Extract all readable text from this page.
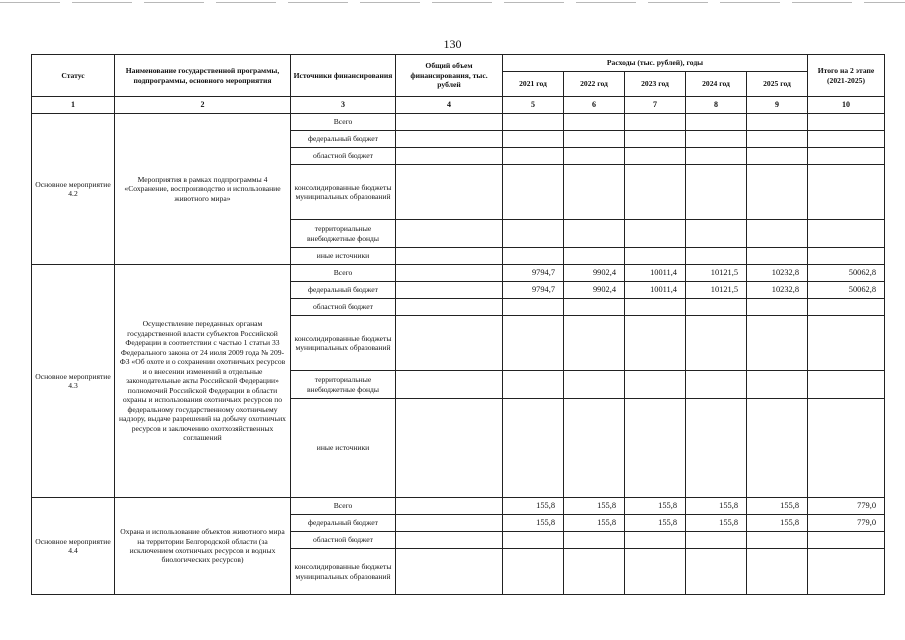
130
Статус	Наименование государственной программы, подпрограммы, основного мероприятия	Источники финансирования	Общий объем финансирования, тыс. рублей	Расходы (тыс. рублей), годы					Итого на 2 этапе (2021-2025)
				2021 год	2022 год	2023 год	2024 год	2025 год	
1	2	3	4	5	6	7	8	9	10
Основное мероприятие 4.2	Мероприятия в рамках подпрограммы 4 «Сохранение, воспроизводство и использование животного мира»	Всего							
		федеральный бюджет							
		областной бюджет							
		консолидированные бюджеты муниципальных образований							
		территориальные внебюджетные фонды							
		иные источники							
Основное мероприятие 4.3	Осуществление переданных органам государственной власти субъектов Российской Федерации в соответствии с частью 1 статьи 33 Федерального закона от 24 июля 2009 года № 209-ФЗ «Об охоте и о сохранении охотничьих ресурсов и о внесении изменений в отдельные законодательные акты Российской Федерации» полномочий Российской Федерации в области охраны и использования охотничьих ресурсов по федеральному государственному охотничьему надзору, выдаче разрешений на добычу охотничьих ресурсов и заключению охотхозяйственных соглашений	Всего		9794,7	9902,4	10011,4	10121,5	10232,8	50062,8
		федеральный бюджет		9794,7	9902,4	10011,4	10121,5	10232,8	50062,8
		областной бюджет							
		консолидированные бюджеты муниципальных образований							
		территориальные внебюджетные фонды							
		иные источники							
Основное мероприятие 4.4	Охрана и использование объектов животного мира на территории Белгородской области (за исключением охотничьих ресурсов и водных биологических ресурсов)	Всего		155,8	155,8	155,8	155,8	155,8	779,0
		федеральный бюджет		155,8	155,8	155,8	155,8	155,8	779,0
		областной бюджет							
		консолидированные бюджеты муниципальных образований							
